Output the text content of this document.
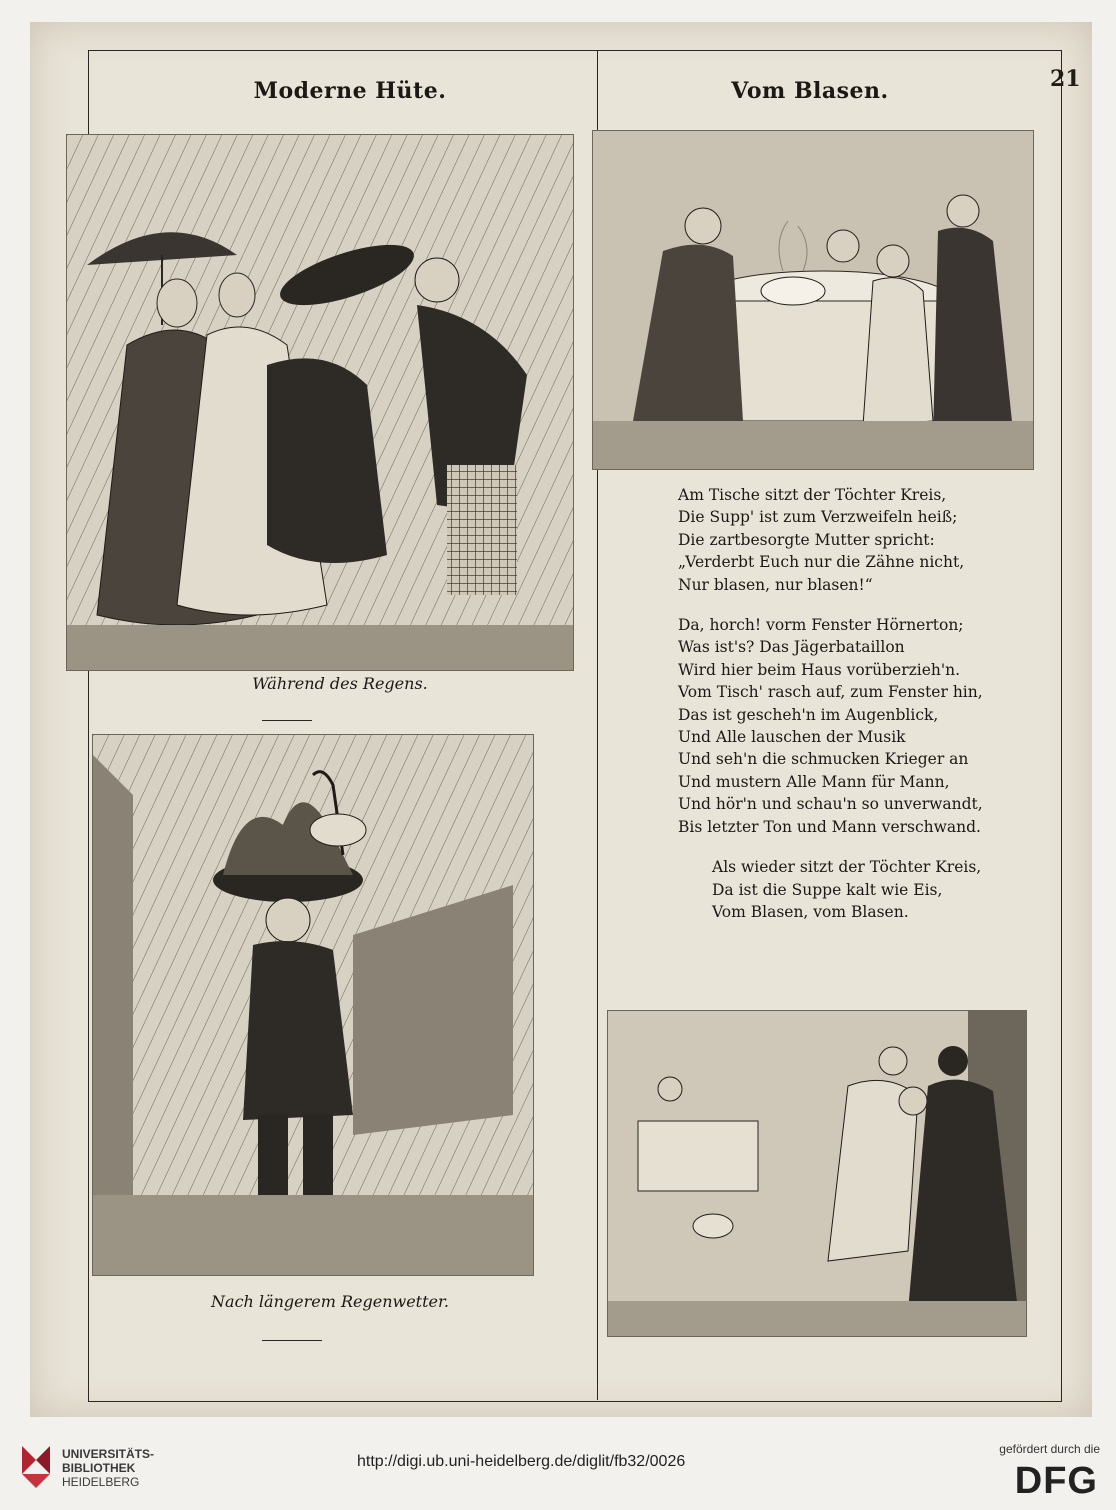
21
Moderne Hüte.
Während des Regens.
Nach längerem Regenwetter.
Vom Blasen.
Am Tische sitzt der Töchter Kreis,
Die Supp' ist zum Verzweifeln heiß;
Die zartbesorgte Mutter spricht:
„Verderbt Euch nur die Zähne nicht,
Nur blasen, nur blasen!“
Da, horch! vorm Fenster Hörnerton;
Was ist's? Das Jägerbataillon
Wird hier beim Haus vorüberzieh'n.
Vom Tisch' rasch auf, zum Fenster hin,
Das ist gescheh'n im Augenblick,
Und Alle lauschen der Musik
Und seh'n die schmucken Krieger an
Und mustern Alle Mann für Mann,
Und hör'n und schau'n so unverwandt,
Bis letzter Ton und Mann verschwand.
Als wieder sitzt der Töchter Kreis,
Da ist die Suppe kalt wie Eis,
Vom Blasen, vom Blasen.
UNIVERSITÄTS-
BIBLIOTHEK
HEIDELBERG
http://digi.ub.uni-heidelberg.de/diglit/fb32/0026
gefördert durch die
DFG
